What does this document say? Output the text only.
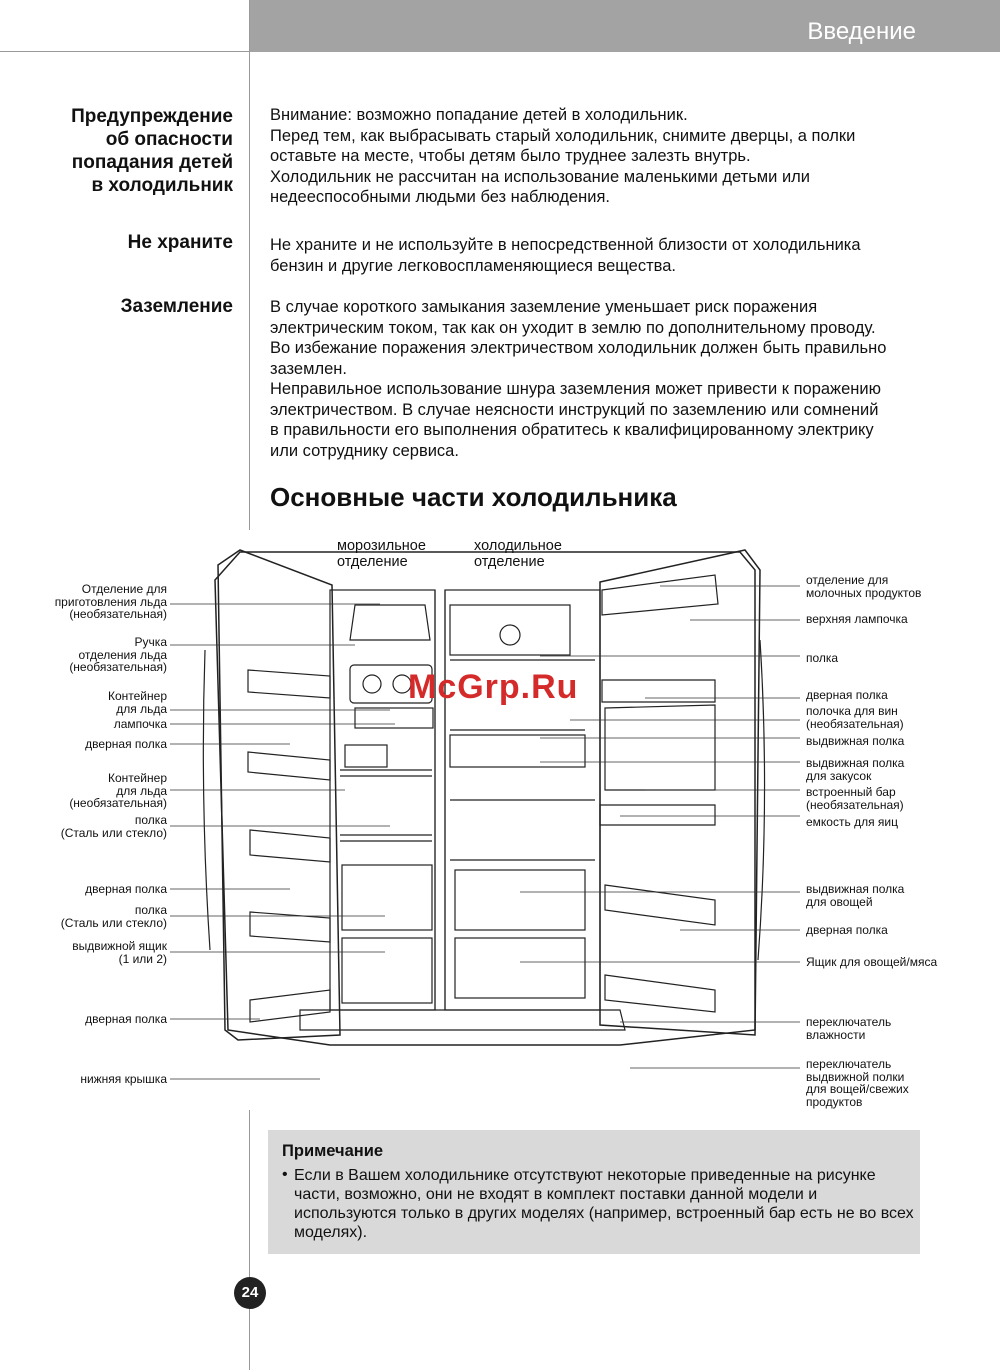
Введение
Предупреждение
об опасности
попадания детей
в холодильник
Внимание: возможно попадание детей в холодильник.
Перед тем, как выбрасывать старый холодильник, снимите дверцы, а полки
оставьте на месте, чтобы детям было труднее залезть внутрь.
Холодильник не рассчитан на использование маленькими детьми или
недееспособными людьми без наблюдения.
Не храните Не храните и не используйте в непосредственной близости от холодильника
бензин и другие легковоспламеняющиеся вещества.
Заземление В случае короткого замыкания заземление уменьшает риск поражения
электрическим током, так как он уходит в землю по дополнительному проводу.
Во избежание поражения электричеством холодильник должен быть правильно
заземлен.
Неправильное использование шнура заземления может привести к поражению
электричеством. В случае неясности инструкций по заземлению или сомнений
в правильности его выполнения обратитесь к квалифицированному электрику
или сотруднику сервиса.
Основные части холодильника
морозильное
отделение
холодильное
отделение
Отделение для
приготовления льда
(необязательная)
Ручка
отделения льда
(необязательная)
Контейнер
для льда
лампочка
дверная полка
Контейнер
для льда
(необязательная)
полка
(Сталь или стекло)
дверная полка
полка
(Сталь или стекло)
выдвижной ящик
(1 или 2)
дверная полка
нижняя крышка
отделение для
молочных продуктов
верхняя лампочка
полка
дверная полка
полочка для вин
(необязательная)
выдвижная полка
выдвижная полка
для закусок
встроенный бар
(необязательная)
емкость для яиц
выдвижная полка
для овощей
дверная полка
Ящик для овощей/мяса
переключатель
влажности
переключатель
выдвижной полки
для вощей/свежих
продуктов
McGrp.Ru
Примечание
• Если в Вашем холодильнике отсутствуют некоторые приведенные на рисунке части, возможно, они не входят в комплект поставки данной модели и используются только в других моделях (например, встроенный бар есть не во всех моделях).
24
